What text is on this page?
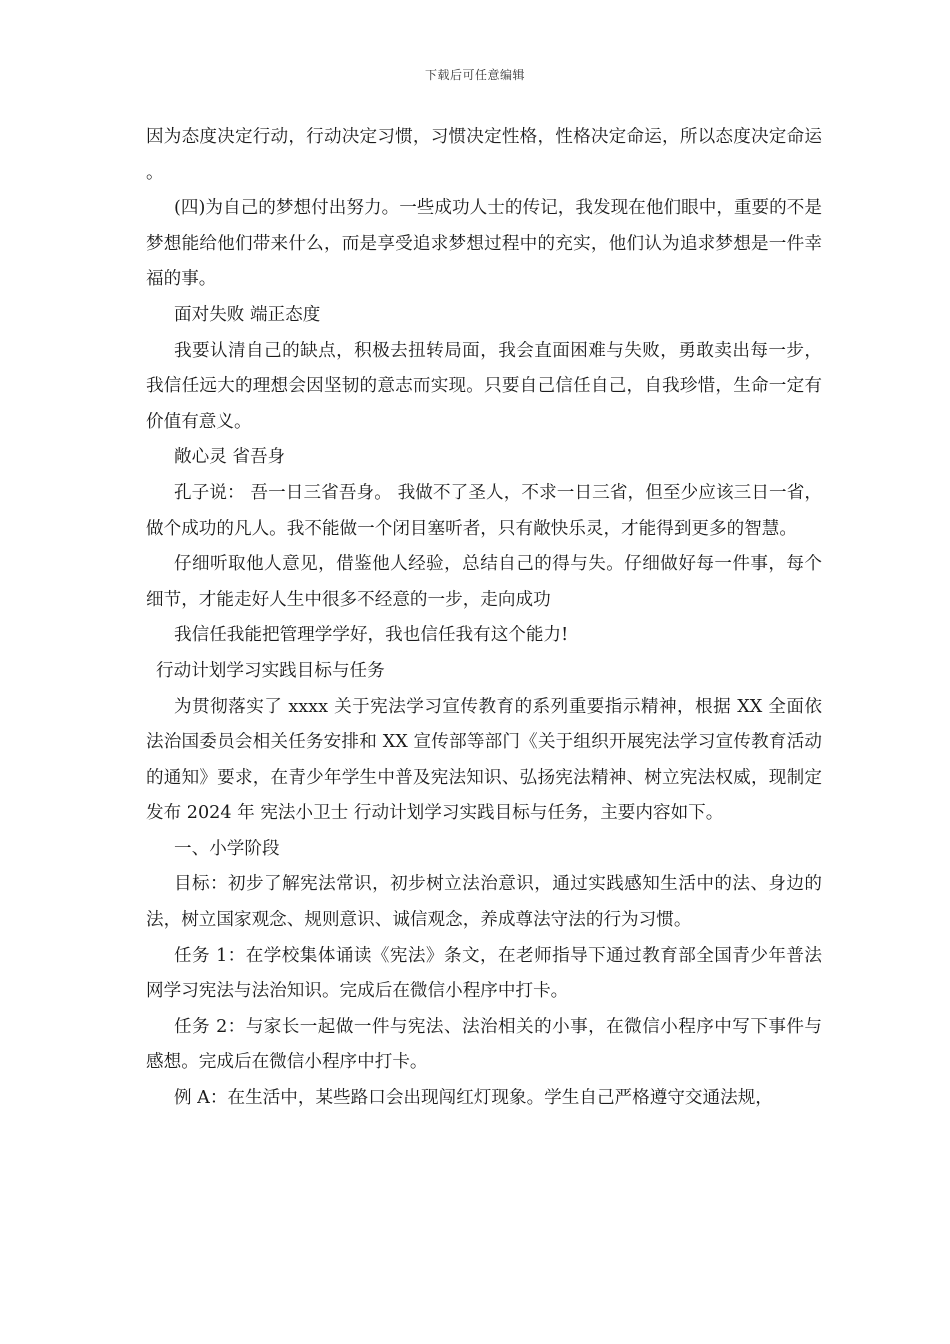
下载后可任意编辑

因为态度决定行动，行动决定习惯，习惯决定性格，性格决定命运，所以态度决定命运 。

(四)为自己的梦想付出努力。一些成功人士的传记，我发现在他们眼中，重要的不是梦想能给他们带来什么，而是享受追求梦想过程中的充实，他们认为追求梦想是一件幸福的事。

面对失败 端正态度

我要认清自己的缺点，积极去扭转局面，我会直面困难与失败，勇敢卖出每一步，我信任远大的理想会因坚韧的意志而实现。只要自己信任自己，自我珍惜，生命一定有价值有意义。

敞心灵 省吾身

孔子说： 吾一日三省吾身。 我做不了圣人，不求一日三省，但至少应该三日一省，做个成功的凡人。我不能做一个闭目塞听者，只有敞快乐灵，才能得到更多的智慧。

仔细听取他人意见，借鉴他人经验，总结自己的得与失。仔细做好每一件事，每个细节，才能走好人生中很多不经意的一步，走向成功

我信任我能把管理学学好，我也信任我有这个能力!

行动计划学习实践目标与任务

为贯彻落实了 xxxx 关于宪法学习宣传教育的系列重要指示精神，根据 XX 全面依法治国委员会相关任务安排和 XX 宣传部等部门《关于组织开展宪法学习宣传教育活动的通知》要求，在青少年学生中普及宪法知识、弘扬宪法精神、树立宪法权威，现制定发布 2024 年 宪法小卫士 行动计划学习实践目标与任务，主要内容如下。

一、小学阶段

目标：初步了解宪法常识，初步树立法治意识，通过实践感知生活中的法、身边的法，树立国家观念、规则意识、诚信观念，养成尊法守法的行为习惯。

任务 1：在学校集体诵读《宪法》条文，在老师指导下通过教育部全国青少年普法网学习宪法与法治知识。完成后在微信小程序中打卡。

任务 2：与家长一起做一件与宪法、法治相关的小事，在微信小程序中写下事件与感想。完成后在微信小程序中打卡。

例 A：在生活中，某些路口会出现闯红灯现象。学生自己严格遵守交通法规，
